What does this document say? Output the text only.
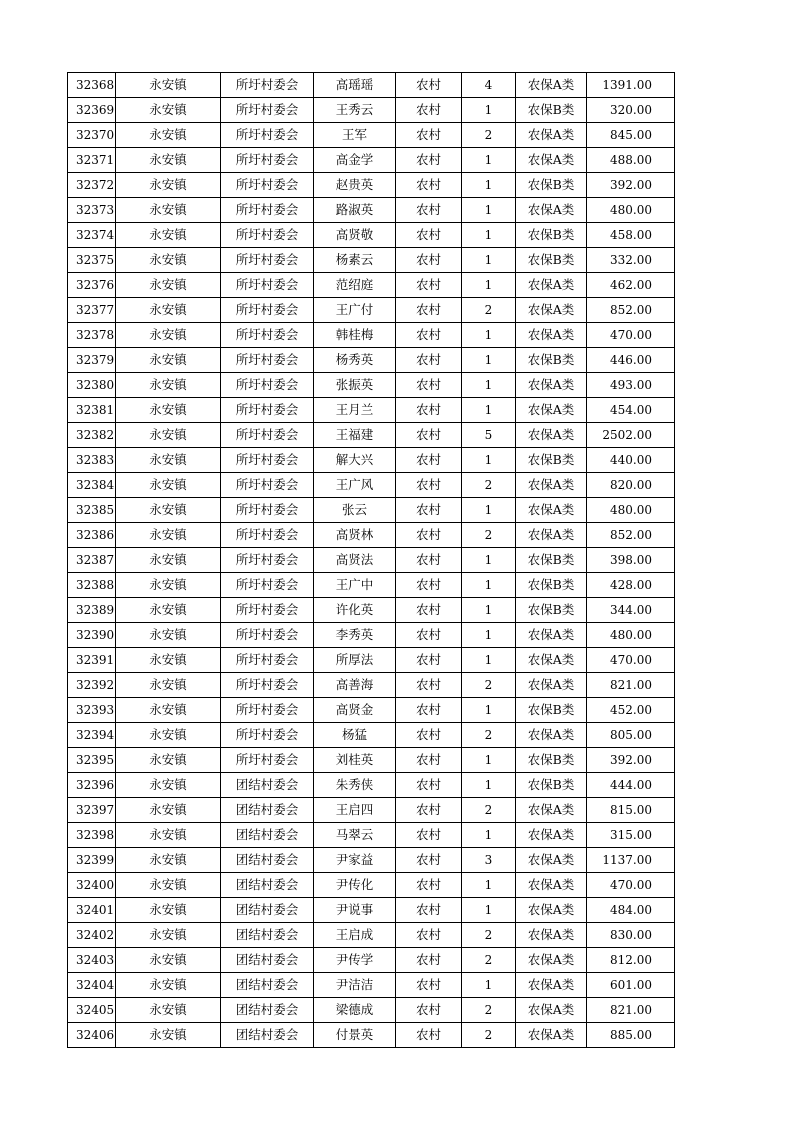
32368	永安镇	所圩村委会	高瑶瑶	农村	4	农保A类	1391.00
32369	永安镇	所圩村委会	王秀云	农村	1	农保B类	320.00
32370	永安镇	所圩村委会	王军	农村	2	农保A类	845.00
32371	永安镇	所圩村委会	高金学	农村	1	农保A类	488.00
32372	永安镇	所圩村委会	赵贵英	农村	1	农保B类	392.00
32373	永安镇	所圩村委会	路淑英	农村	1	农保A类	480.00
32374	永安镇	所圩村委会	高贤敬	农村	1	农保B类	458.00
32375	永安镇	所圩村委会	杨素云	农村	1	农保B类	332.00
32376	永安镇	所圩村委会	范绍庭	农村	1	农保A类	462.00
32377	永安镇	所圩村委会	王广付	农村	2	农保A类	852.00
32378	永安镇	所圩村委会	韩桂梅	农村	1	农保A类	470.00
32379	永安镇	所圩村委会	杨秀英	农村	1	农保B类	446.00
32380	永安镇	所圩村委会	张振英	农村	1	农保A类	493.00
32381	永安镇	所圩村委会	王月兰	农村	1	农保A类	454.00
32382	永安镇	所圩村委会	王福建	农村	5	农保A类	2502.00
32383	永安镇	所圩村委会	解大兴	农村	1	农保B类	440.00
32384	永安镇	所圩村委会	王广风	农村	2	农保A类	820.00
32385	永安镇	所圩村委会	张云	农村	1	农保A类	480.00
32386	永安镇	所圩村委会	高贤林	农村	2	农保A类	852.00
32387	永安镇	所圩村委会	高贤法	农村	1	农保B类	398.00
32388	永安镇	所圩村委会	王广中	农村	1	农保B类	428.00
32389	永安镇	所圩村委会	许化英	农村	1	农保B类	344.00
32390	永安镇	所圩村委会	李秀英	农村	1	农保A类	480.00
32391	永安镇	所圩村委会	所厚法	农村	1	农保A类	470.00
32392	永安镇	所圩村委会	高善海	农村	2	农保A类	821.00
32393	永安镇	所圩村委会	高贤金	农村	1	农保B类	452.00
32394	永安镇	所圩村委会	杨猛	农村	2	农保A类	805.00
32395	永安镇	所圩村委会	刘桂英	农村	1	农保B类	392.00
32396	永安镇	团结村委会	朱秀侠	农村	1	农保B类	444.00
32397	永安镇	团结村委会	王启四	农村	2	农保A类	815.00
32398	永安镇	团结村委会	马翠云	农村	1	农保A类	315.00
32399	永安镇	团结村委会	尹家益	农村	3	农保A类	1137.00
32400	永安镇	团结村委会	尹传化	农村	1	农保A类	470.00
32401	永安镇	团结村委会	尹说事	农村	1	农保A类	484.00
32402	永安镇	团结村委会	王启成	农村	2	农保A类	830.00
32403	永安镇	团结村委会	尹传学	农村	2	农保A类	812.00
32404	永安镇	团结村委会	尹洁洁	农村	1	农保A类	601.00
32405	永安镇	团结村委会	梁德成	农村	2	农保A类	821.00
32406	永安镇	团结村委会	付景英	农村	2	农保A类	885.00
